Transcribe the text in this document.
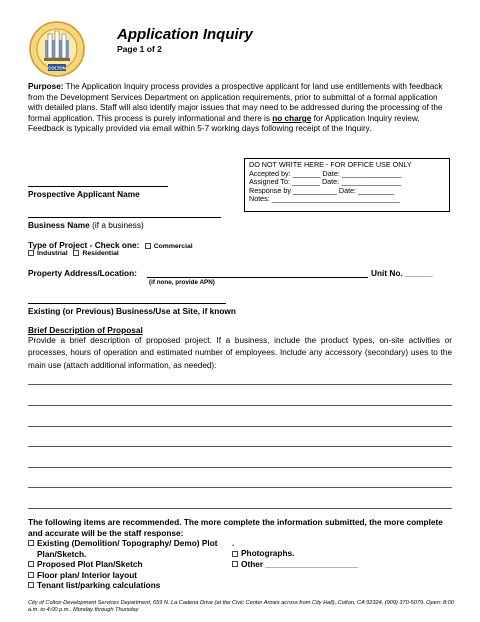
COLTON
Application Inquiry
Page 1 of 2
Purpose: The Application Inquiry process provides a prospective applicant for land use entitlements with feedback from the Development Services Department on application requirements, prior to submittal of a formal application with detailed plans. Staff will also identify major issues that may need to be addressed during the processing of the formal application. This process is purely informational and there is no charge for Application Inquiry review. Feedback is typically provided via email within 5-7 working days following receipt of the Inquiry.
DO NOT WRITE HERE - FOR OFFICE USE ONLY
Accepted by: _______ Date: _______________
Assigned To: _______ Date: _______________
Response by ___________ Date: _________
Notes: ________________________________
Prospective Applicant Name
Business Name (if a business)
Type of Project - Check one: Commercial
Industrial Residential
Property Address/Location:	Unit No. ______
(if none, provide APN)
Existing (or Previous) Business/Use at Site, if known
Brief Description of Proposal
Provide a brief description of proposed project. If a business, include the product types, on-site activities or processes, hours of operation and estimated number of employees. Include any accessory (secondary) uses to the main use (attach additional information, as needed):
The following items are recommended. The more complete the information submitted, the more complete and accurate will be the staff response:
Existing (Demolition/ Topography/ Demo) Plot Plan/Sketch.
Proposed Plot Plan/Sketch
Floor plan/ Interior layout
Tenant list/parking calculations
.
Photographs.
Other ____________________
City of Colton Development Services Department, 659 N. La Cadena Drive (at the Civic Center Annex across from City Hall), Colton, CA 92324, (909) 370-5079. Open: 8:00 a.m. to 4:00 p.m., Monday through Thursday
